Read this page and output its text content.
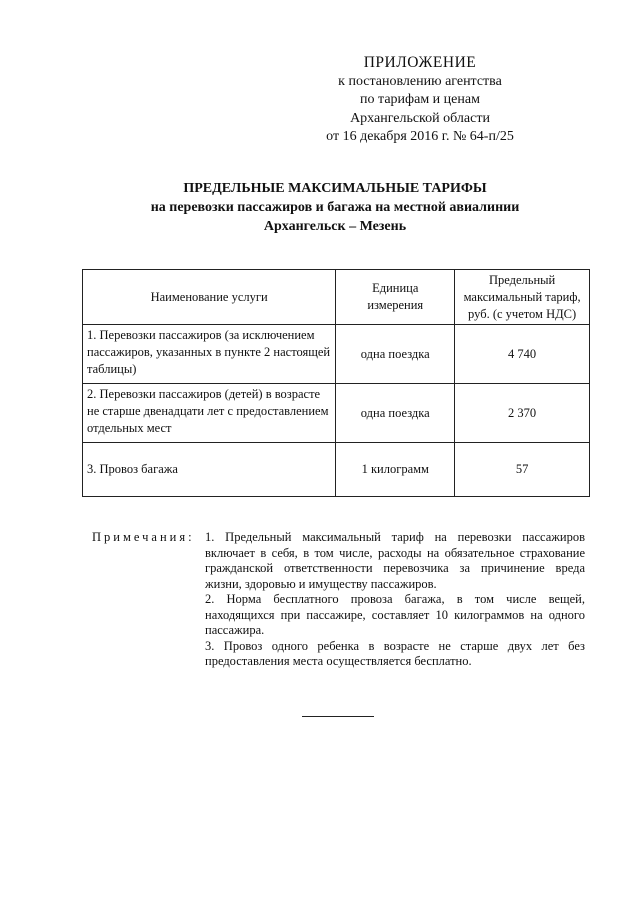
ПРИЛОЖЕНИЕ
к постановлению агентства
по тарифам и ценам
Архангельской области
от 16 декабря 2016 г. № 64-п/25
ПРЕДЕЛЬНЫЕ МАКСИМАЛЬНЫЕ ТАРИФЫ
на перевозки пассажиров и багажа на местной авиалинии
Архангельск – Мезень
Наименование услуги	Единица измерения	Предельный максимальный тариф, руб. (с учетом НДС)
1. Перевозки пассажиров (за исключением пассажиров, указанных в пункте 2 настоящей таблицы)	одна поездка	4 740
2. Перевозки пассажиров (детей) в возрасте не старше двенадцати лет с предоставлением отдельных мест	одна поездка	2 370
3. Провоз багажа	1 килограмм	57
Примечания: 1. Предельный максимальный тариф на перевозки пассажиров включает в себя, в том числе, расходы на обязательное страхование гражданской ответственности перевозчика за причинение вреда жизни, здоровью и имуществу пассажиров.

2. Норма бесплатного провоза багажа, в том числе вещей, находящихся при пассажире, составляет 10 килограммов на одного пассажира.

3. Провоз одного ребенка в возрасте не старше двух лет без предоставления места осуществляется бесплатно.
